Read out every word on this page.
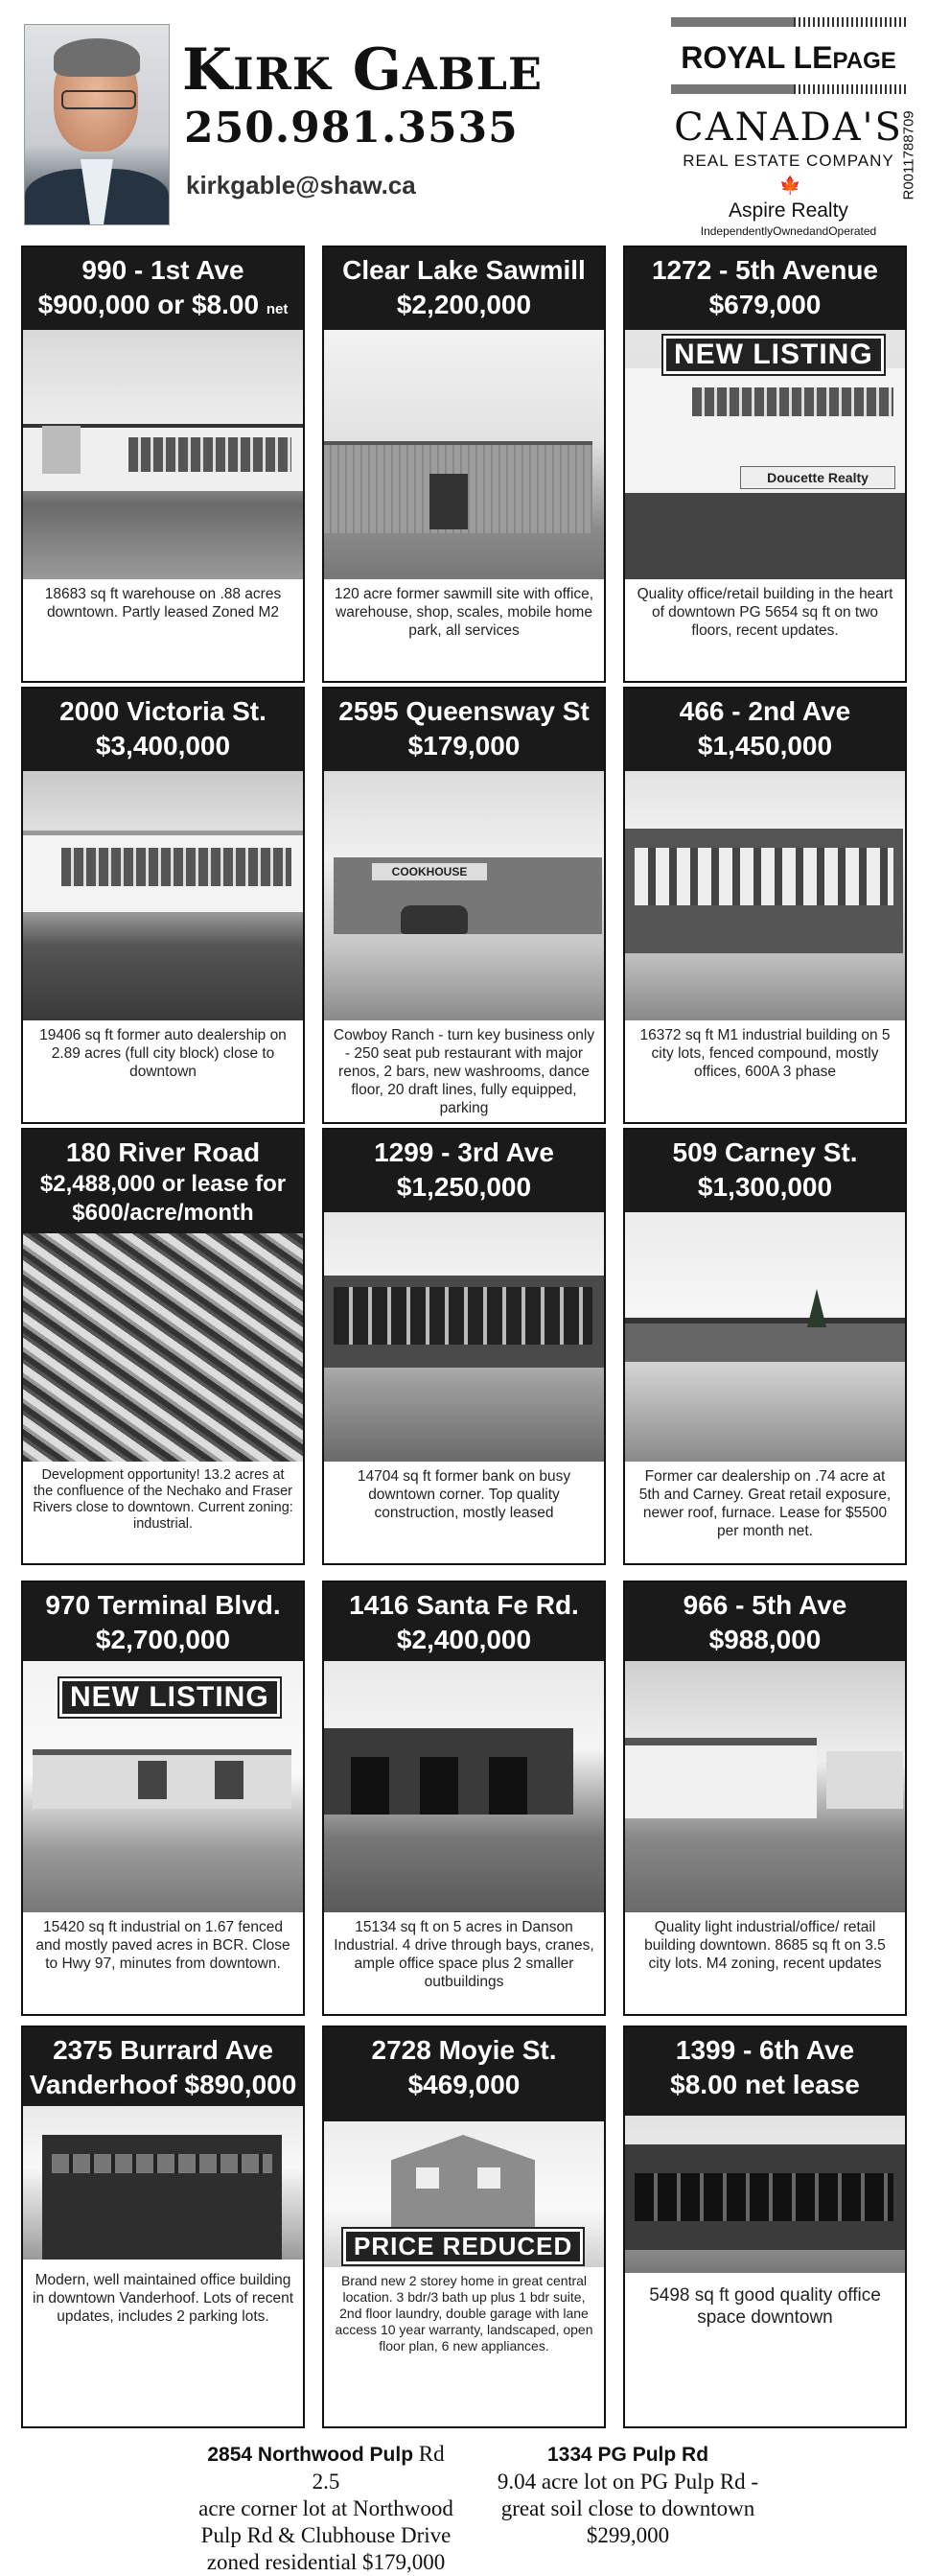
KIRK GABLE
250.981.3535
kirkgable@shaw.ca
ROYAL LEPAGE
CANADA'S
REAL ESTATE COMPANY
🍁
Aspire Realty
IndependentlyOwnedandOperated
R0011788709
990 - 1st Ave
$900,000 or $8.00 net
18683 sq ft warehouse on .88 acres downtown. Partly leased Zoned M2
Clear Lake Sawmill
$2,200,000
120 acre former sawmill site with office, warehouse, shop, scales, mobile home park, all services
1272 - 5th Avenue
$679,000
Doucette Realty
NEW LISTING
Quality office/retail building in the heart of downtown PG 5654 sq ft on two floors, recent updates.
2000 Victoria St.
$3,400,000
19406 sq ft former auto dealership on 2.89 acres (full city block) close to downtown
2595 Queensway St
$179,000
COOKHOUSE
Cowboy Ranch - turn key business only - 250 seat pub restaurant with major renos, 2 bars, new washrooms, dance floor, 20 draft lines, fully equipped, parking
466 - 2nd Ave
$1,450,000
16372 sq ft M1 industrial building on 5 city lots, fenced compound, mostly offices, 600A 3 phase
180 River Road
$2,488,000 or lease for $600/acre/month
Development opportunity! 13.2 acres at the confluence of the Nechako and Fraser Rivers close to downtown. Current zoning: industrial.
1299 - 3rd Ave
$1,250,000
14704 sq ft former bank on busy downtown corner. Top quality construction, mostly leased
509 Carney St.
$1,300,000
Former car dealership on .74 acre at 5th and Carney. Great retail exposure, newer roof, furnace. Lease for $5500 per month net.
970 Terminal Blvd.
$2,700,000
NEW LISTING
15420 sq ft industrial on 1.67 fenced and mostly paved acres in BCR. Close to Hwy 97, minutes from downtown.
1416 Santa Fe Rd.
$2,400,000
15134 sq ft on 5 acres in Danson Industrial. 4 drive through bays, cranes, ample office space plus 2 smaller outbuildings
966 - 5th Ave
$988,000
Quality light industrial/office/ retail building downtown. 8685 sq ft on 3.5 city lots. M4 zoning, recent updates
2375 Burrard Ave
Vanderhoof $890,000
Modern, well maintained office building in downtown Vanderhoof. Lots of recent updates, includes 2 parking lots.
2728 Moyie St.
$469,000
PRICE REDUCED
Brand new 2 storey home in great central location. 3 bdr/3 bath up plus 1 bdr suite, 2nd floor laundry, double garage with lane access 10 year warranty, landscaped, open floor plan, 6 new appliances.
1399 - 6th Ave
$8.00 net lease
5498 sq ft good quality office space downtown
2854 Northwood Pulp Rd 2.5
acre corner lot at Northwood
Pulp Rd & Clubhouse Drive
zoned residential $179,000
1334 PG Pulp Rd
9.04 acre lot on PG Pulp Rd -
great soil close to downtown
$299,000
